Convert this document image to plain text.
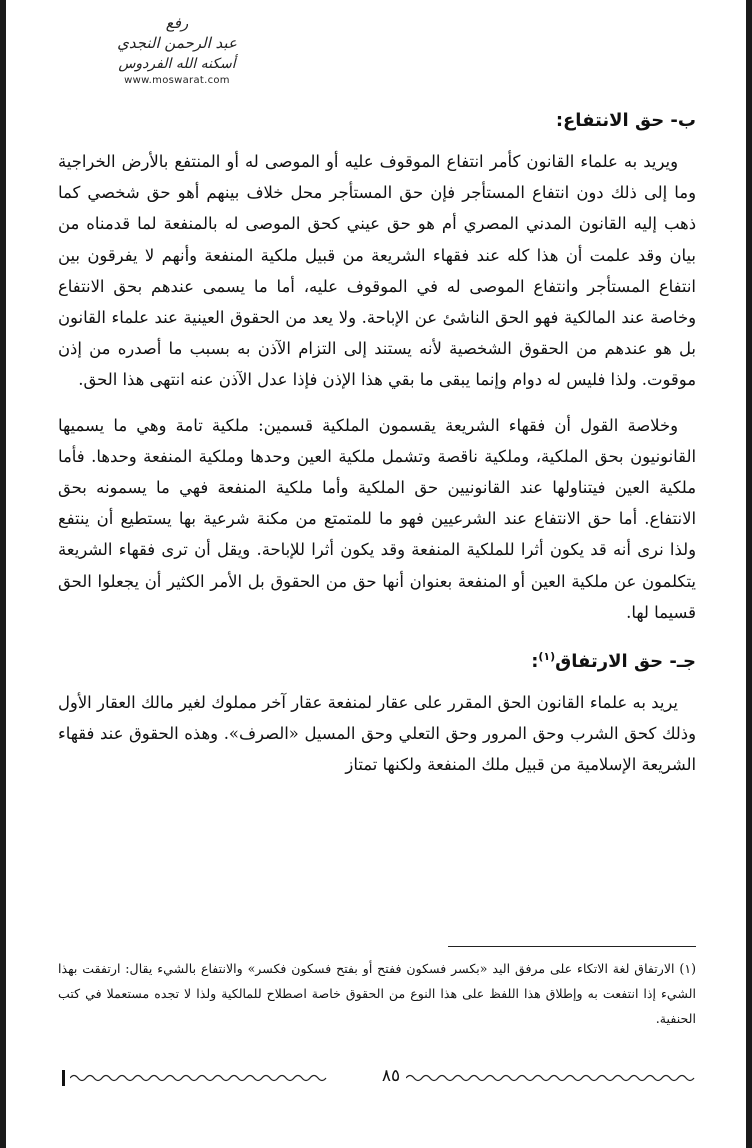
رفع
عبد الرحمن النجدي
أسكنه الله الفردوس
www.moswarat.com
ب- حق الانتفاع:

ويريد به علماء القانون كأمر انتفاع الموقوف عليه أو الموصى له أو المنتفع بالأرض الخراجية وما إلى ذلك دون انتفاع المستأجر فإن حق المستأجر محل خلاف بينهم أهو حق شخصي كما ذهب إليه القانون المدني المصري أم هو حق عيني كحق الموصى له بالمنفعة لما قدمناه من بيان وقد علمت أن هذا كله عند فقهاء الشريعة من قبيل ملكية المنفعة وأنهم لا يفرقون بين انتفاع المستأجر وانتفاع الموصى له في الموقوف عليه، أما ما يسمى عندهم بحق الانتفاع وخاصة عند المالكية فهو الحق الناشئ عن الإباحة. ولا يعد من الحقوق العينية عند علماء القانون بل هو عندهم من الحقوق الشخصية لأنه يستند إلى التزام الآذن به بسبب ما أصدره من إذن موقوت. ولذا فليس له دوام وإنما يبقى ما بقي هذا الإذن فإذا عدل الآذن عنه انتهى هذا الحق.

وخلاصة القول أن فقهاء الشريعة يقسمون الملكية قسمين: ملكية تامة وهي ما يسميها القانونيون بحق الملكية، وملكية ناقصة وتشمل ملكية العين وحدها وملكية المنفعة وحدها. فأما ملكية العين فيتناولها عند القانونيين حق الملكية وأما ملكية المنفعة فهي ما يسمونه بحق الانتفاع. أما حق الانتفاع عند الشرعيين فهو ما للمتمتع من مكنة شرعية بها يستطيع أن ينتفع ولذا نرى أنه قد يكون أثرا للملكية المنفعة وقد يكون أثرا للإباحة. ويقل أن ترى فقهاء الشريعة يتكلمون عن ملكية العين أو المنفعة بعنوان أنها حق من الحقوق بل الأمر الكثير أن يجعلوا الحق قسيما لها.

جـ- حق الارتفاق$^{(١)}$:

يريد به علماء القانون الحق المقرر على عقار لمنفعة عقار آخر مملوك لغير مالك العقار الأول وذلك كحق الشرب وحق المرور وحق التعلي وحق المسيل «الصرف». وهذه الحقوق عند فقهاء الشريعة الإسلامية من قبيل ملك المنفعة ولكنها تمتاز

(١) الارتفاق لغة الاتكاء على مرفق اليد «بكسر فسكون ففتح أو بفتح فسكون فكسر» والانتفاع بالشيء يقال: ارتفقت بهذا الشيء إذا انتفعت به وإطلاق هذا اللفظ على هذا النوع من الحقوق خاصة اصطلاح للمالكية ولذا لا تجده مستعملا في كتب الحنفية.
٨٥
